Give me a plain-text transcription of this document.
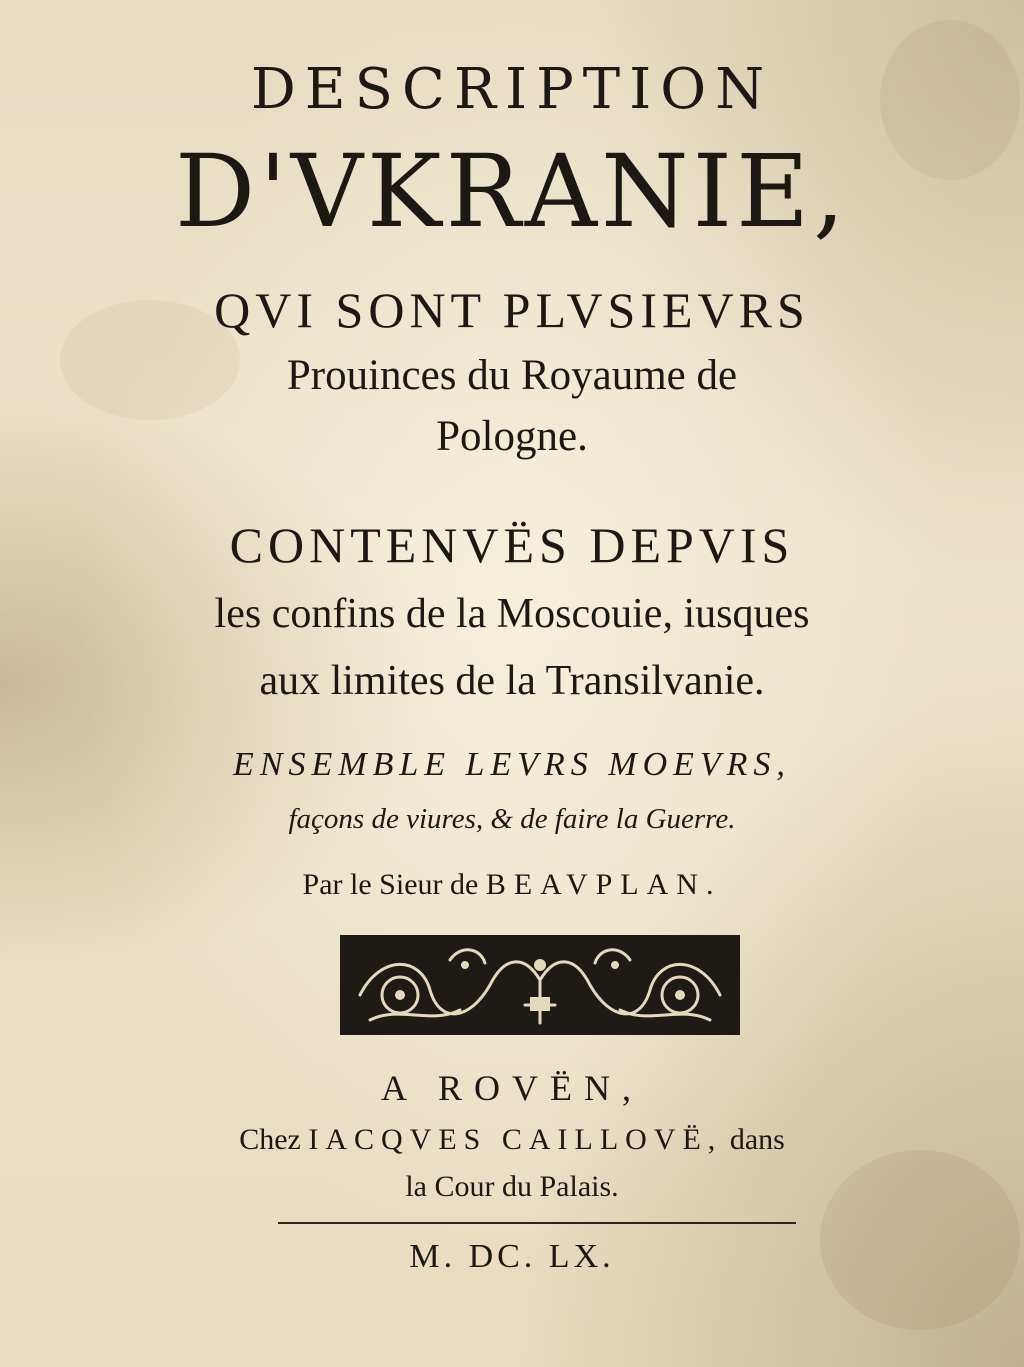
DESCRIPTION
D'VKRANIE,
QVI SONT PLVSIEVRS
Prouinces du Royaume de
Pologne.
CONTENVËS DEPVIS
les confins de la Moscouie, iusques
aux limites de la Transilvanie.
ENSEMBLE LEVRS MOEVRS,
façons de viures, & de faire la Guerre.
Par le Sieur de BEAVPLAN.
A ROVËN,
Chez IACQVES CAILLOVË, dans
la Cour du Palais.
M. DC. LX.
